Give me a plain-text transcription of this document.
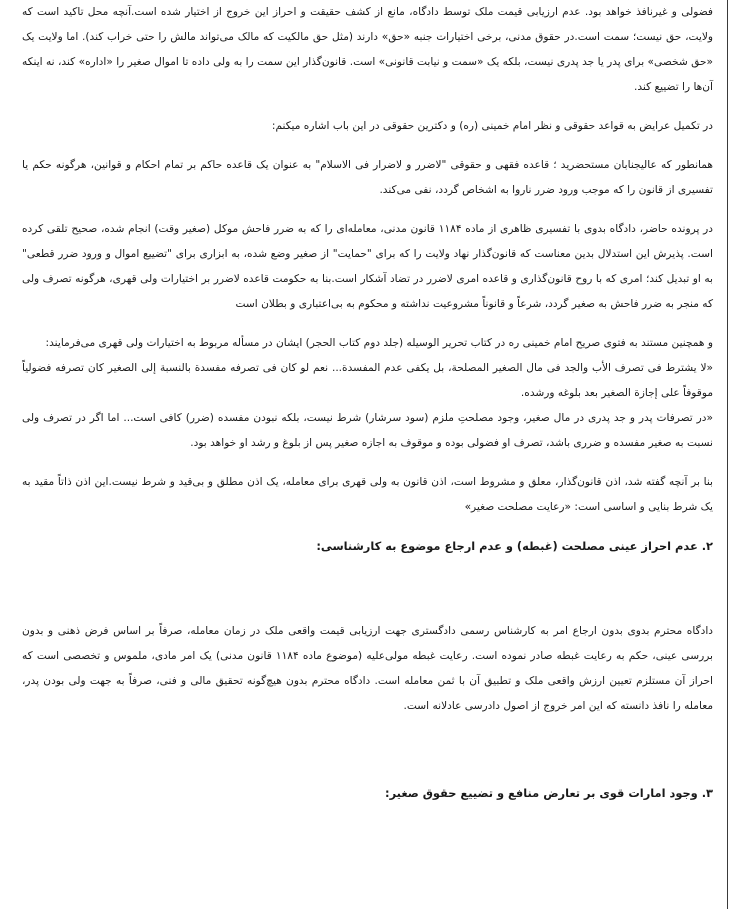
فضولی و غیرنافذ خواهد بود. عدم ارزیابی قیمت ملک توسط دادگاه، مانع از کشف حقیقت و احراز این خروج از اختیار شده است.آنچه محل تاکید است که ولایت، حق نیست؛ سمت است.در حقوق مدنی، برخی اختیارات جنبه «حق» دارند (مثل حق مالکیت که مالک می‌تواند مالش را حتی خراب کند). اما ولایت یک «حق شخصی» برای پدر یا جد پدری نیست، بلکه یک «سمت و نیابت قانونی» است. قانون‌گذار این سمت را به ولی داده تا اموال صغیر را «اداره» کند، نه اینکه آن‌ها را تضییع کند.

در تکمیل عرایض به قواعد حقوقی و نظر امام خمینی (ره) و دکترین حقوقی در این باب اشاره میکنم:

همانطور که عالیجنابان مستحضرید ؛ قاعده فقهی و حقوقی "لاضرر و لاضرار فی الاسلام" به عنوان یک قاعده حاکم بر تمام احکام و قوانین، هرگونه حکم یا تفسیری از قانون را که موجب ورود ضرر ناروا به اشخاص گردد، نفی می‌کند.

در پرونده حاضر، دادگاه بدوی با تفسیری ظاهری از ماده ۱۱۸۴ قانون مدنی، معامله‌ای را که به ضرر فاحش موکل (صغیر وقت) انجام شده، صحیح تلقی کرده است. پذیرش این استدلال بدین معناست که قانون‌گذار نهاد ولایت را که برای "حمایت" از صغیر وضع شده، به ابزاری برای "تضییع اموال و ورود ضرر قطعی" به او تبدیل کند؛ امری که با روح قانون‌گذاری و قاعده امری لاضرر در تضاد آشکار است.بنا به حکومت قاعده لاضرر بر اختیارات ولی قهری، هرگونه تصرف ولی که منجر به ضرر فاحش به صغیر گردد، شرعاً و قانوناً مشروعیت نداشته و محکوم به بی‌اعتباری و بطلان است

و همچنین مستند به فتوی صریح امام خمینی ره در کتاب تحریر الوسیله (جلد دوم کتاب الحجر) ایشان در مسأله مربوط به اختیارات ولی قهری می‌فرمایند:

«لا یشترط فی تصرف الأب والجد فی مال الصغیر المصلحة، بل یکفی عدم المفسدة... نعم لو کان فی تصرفه مفسدة بالنسبة إلی الصغیر کان تصرفه فضولیاً موقوفاً علی إجازة الصغیر بعد بلوغه ورشده.

«در تصرفات پدر و جد پدری در مال صغیر، وجود مصلحتِ ملزم (سود سرشار) شرط نیست، بلکه نبودن مفسده (ضرر) کافی است... اما اگر در تصرف ولی نسبت به صغیر مفسده و ضرری باشد، تصرف او فضولی بوده و موقوف به اجازه صغیر پس از بلوغ و رشد او خواهد بود.

بنا بر آنچه گفته شد، اذن قانون‌گذار، معلق و مشروط است، اذن قانون به ولی قهری برای معامله، یک اذن مطلق و بی‌قید و شرط نیست.این اذن ذاتاً مقید به یک شرط بنایی و اساسی است: «رعایت مصلحت صغیر»

۲. عدم احراز عینی مصلحت (غبطه) و عدم ارجاع موضوع به کارشناسی:

دادگاه محترم بدوی بدون ارجاع امر به کارشناس رسمی دادگستری جهت ارزیابی قیمت واقعی ملک در زمان معامله، صرفاً بر اساس فرض ذهنی و بدون بررسی عینی، حکم به رعایت غبطه صادر نموده است. رعایت غبطه مولی‌علیه (موضوع ماده ۱۱۸۴ قانون مدنی) یک امر مادی، ملموس و تخصصی است که احراز آن مستلزم تعیین ارزش واقعی ملک و تطبیق آن با ثمن معامله است. دادگاه محترم بدون هیچ‌گونه تحقیق مالی و فنی، صرفاً به جهت ولی بودن پدر، معامله را نافذ دانسته که این امر خروج از اصول دادرسی عادلانه است.

۳. وجود امارات قوی بر تعارض منافع و تضییع حقوق صغیر:
